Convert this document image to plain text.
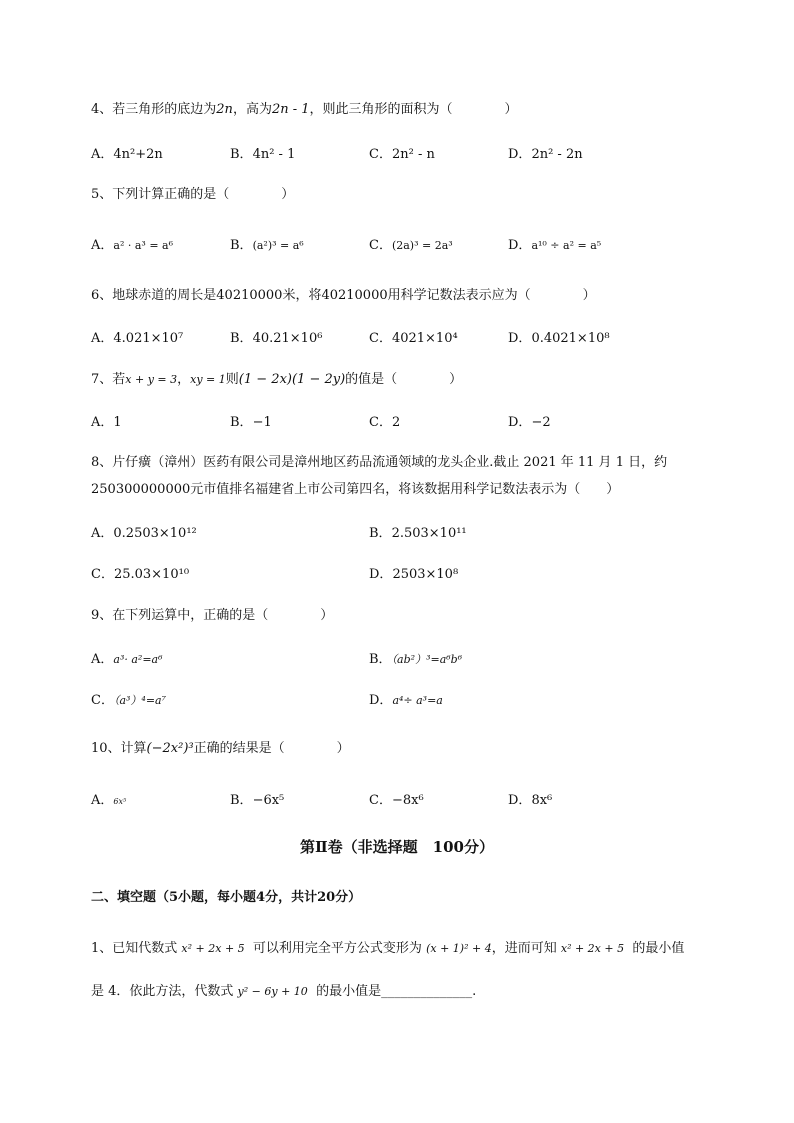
4、若三角形的底边为2n，高为2n - 1，则此三角形的面积为（　　　　）
A．4n²+2n	B．4n² - 1	C．2n² - n	D．2n² - 2n
5、下列计算正确的是（　　　　）
A．a² · a³ = a⁶	B．(a²)³ = a⁶	C．(2a)³ = 2a³	D．a¹⁰ ÷ a² = a⁵
6、地球赤道的周长是40210000米，将40210000用科学记数法表示应为（　　　　）
A．4.021×10⁷	B．40.21×10⁶	C．4021×10⁴	D．0.4021×10⁸
7、若x + y = 3，xy = 1则(1 − 2x)(1 − 2y)的值是（　　　　）
A．1	B．−1	C．2	D．−2
8、片仔癀（漳州）医药有限公司是漳州地区药品流通领域的龙头企业.截止 2021 年 11 月 1 日，约
250300000000元市值排名福建省上市公司第四名，将该数据用科学记数法表示为（　　）
A．0.2503×10¹²	B．2.503×10¹¹
C．25.03×10¹⁰	D．2503×10⁸
9、在下列运算中，正确的是（　　　　）
A．a³· a²=a⁶	B．（ab²）³=a⁶b⁶
C．（a³）⁴=a⁷	D．a⁴÷ a³=a
10、计算(−2x²)³正确的结果是（　　　　）
A．6x⁵	B．−6x⁵	C．−8x⁶	D．8x⁶
第Ⅱ卷（非选择题　100分）
二、填空题（5小题，每小题4分，共计20分）
1、已知代数式 x² + 2x + 5 可以利用完全平方公式变形为 (x + 1)² + 4，进而可知 x² + 2x + 5 的最小值
是 4．依此方法，代数式 y² − 6y + 10 的最小值是______________.
